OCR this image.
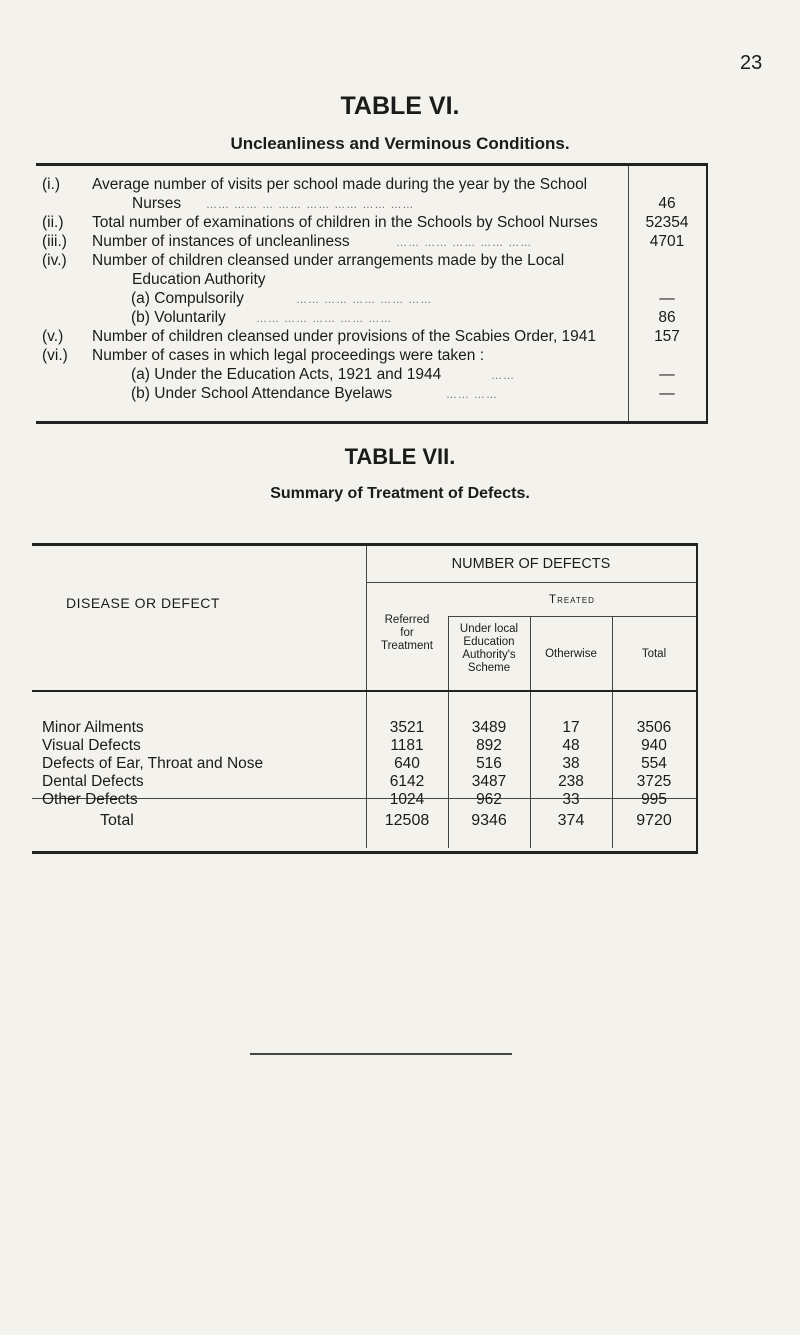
23
TABLE VI.
Uncleanliness and Verminous Conditions.
(i.) Average number of visits per school made during the year by the School
Nurses …… …… … …… …… …… …… ……	46
(ii.) Total number of examinations of children in the Schools by School Nurses	52354
(iii.) Number of instances of uncleanliness	…… …… …… …… ……	4701
(iv.) Number of children cleansed under arrangements made by the Local
Education Authority
(a) Compulsorily	…… …… …… …… ……	—
(b) Voluntarily	…… …… …… …… ……	86
(v.) Number of children cleansed under provisions of the Scabies Order, 1941	157
(vi.) Number of cases in which legal proceedings were taken :
(a) Under the Education Acts, 1921 and 1944	……	—
(b) Under School Attendance Byelaws	…… ……	—
TABLE VII.
Summary of Treatment of Defects.
NUMBER OF DEFECTS
DISEASE OR DEFECT	Treated
Referred
for
Treatment
Under local
Education
Authority's
Scheme
Otherwise	Total
Minor Ailments	3521	3489	17	3506
Visual Defects	1181	892	48	940
Defects of Ear, Throat and Nose	640	516	38	554
Dental Defects	6142	3487	238	3725
Other Defects	1024	962	33	995
Total	12508	9346	374	9720
